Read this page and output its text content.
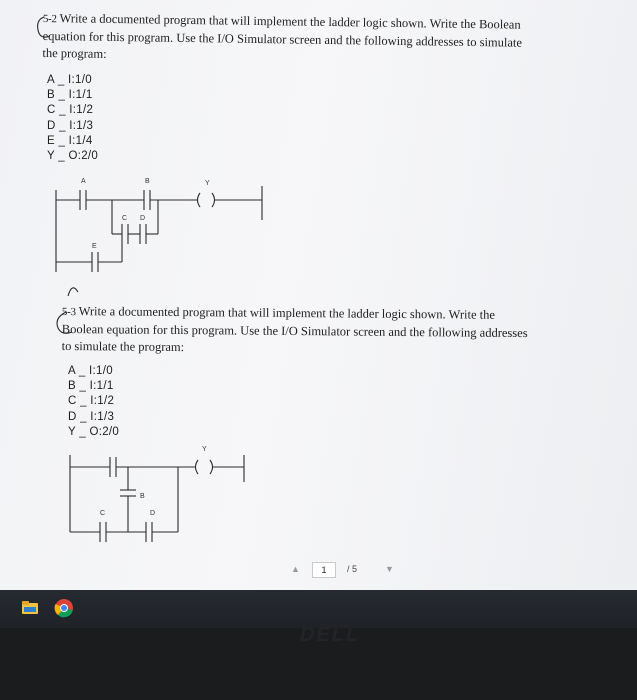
5-2 Write a documented program that will implement the ladder logic shown. Write the Boolean equation for this program. Use the I/O Simulator screen and the following addresses to simulate the program:

A _ I:1/0
B _ I:1/1
C _ I:1/2
D _ I:1/3
E _ I:1/4
Y _ O:2/0
A	B	Y
C D
E

5-3 Write a documented program that will implement the ladder logic shown. Write the Boolean equation for this program. Use the I/O Simulator screen and the following addresses to simulate the program:

A _ I:1/0
B _ I:1/1
C _ I:1/2
D _ I:1/3
Y _ O:2/0
B
C	D
Y
▲	1	/ 5	▼
DELL
